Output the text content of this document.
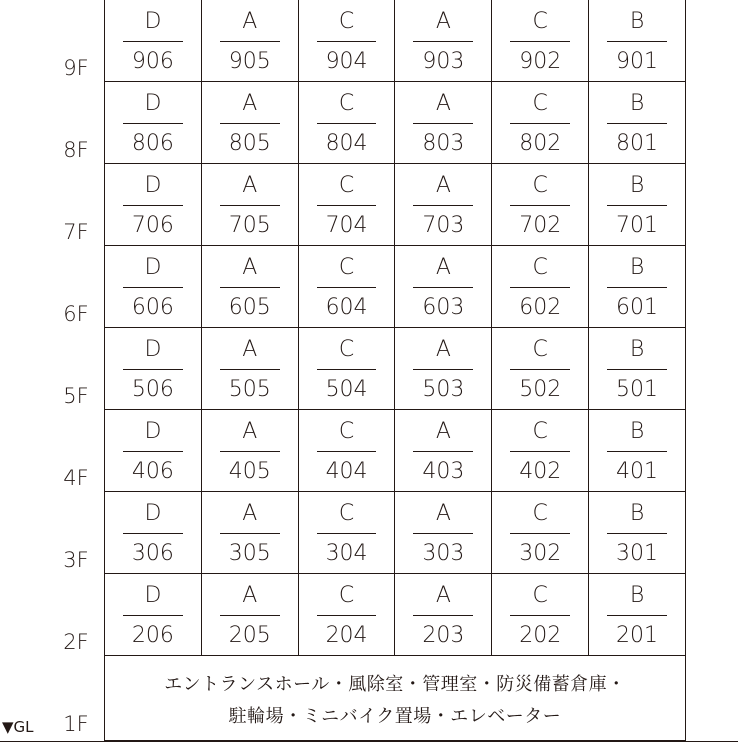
9F
8F
7F
6F
5F
4F
3F
2F
エントランスホール・風除室・管理室・防災備蓄倉庫・
駐輪場・ミニバイク置場・エレベーター
D
906
A
905
C
904
A
903
C
902
B
901
D
806
A
805
C
804
A
803
C
802
B
801
D
706
A
705
C
704
A
703
C
702
B
701
D
606
A
605
C
604
A
603
C
602
B
601
D
506
A
505
C
504
A
503
C
502
B
501
D
406
A
405
C
404
A
403
C
402
B
401
D
306
A
305
C
304
A
303
C
302
B
301
D
206
A
205
C
204
A
203
C
202
B
201
1F
▼GL
